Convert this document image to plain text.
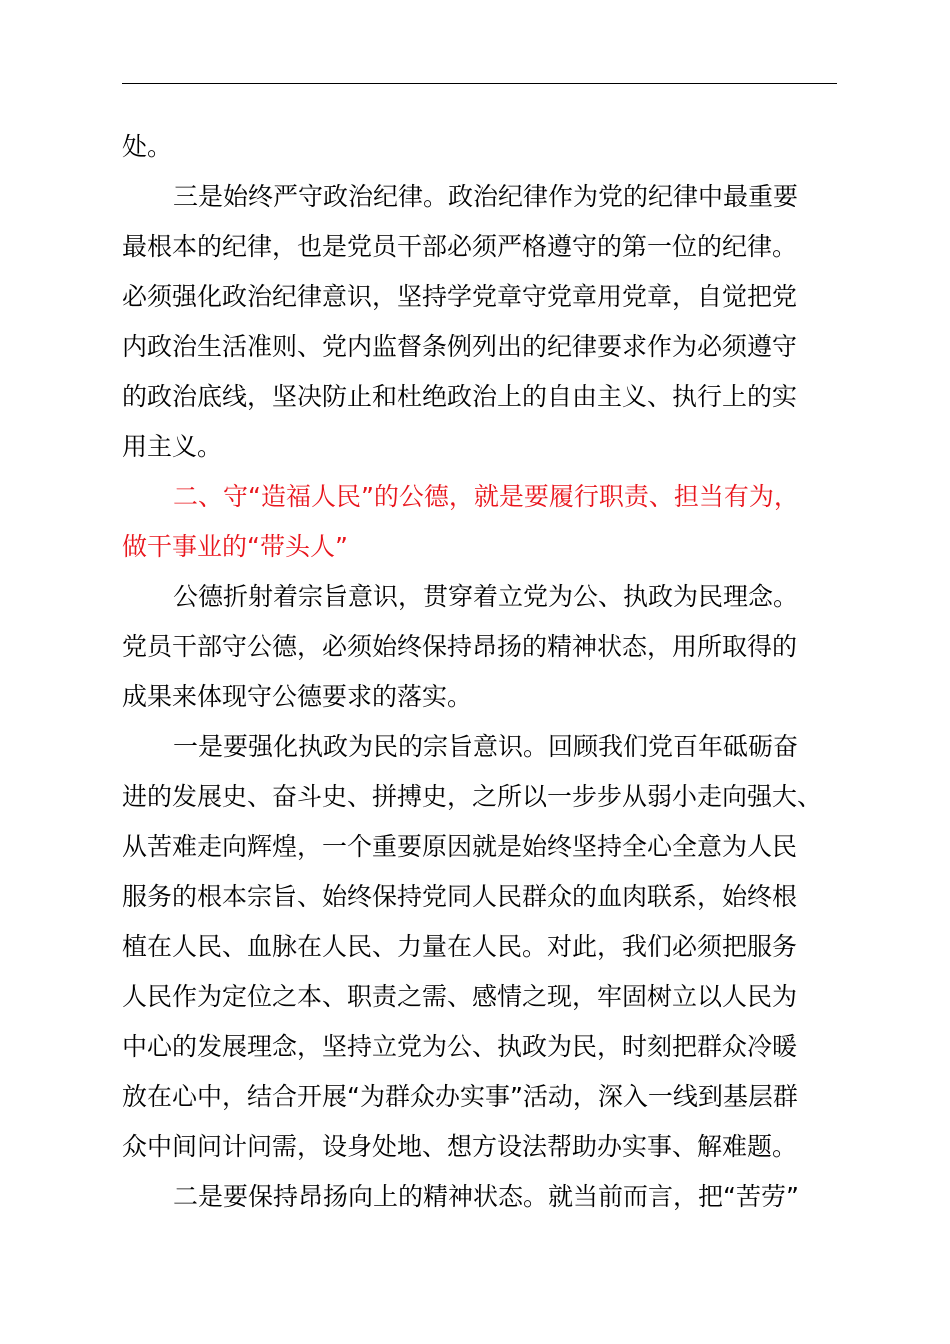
处。
三是始终严守政治纪律。政治纪律作为党的纪律中最重要
最根本的纪律，也是党员干部必须严格遵守的第一位的纪律。
必须强化政治纪律意识，坚持学党章守党章用党章，自觉把党
内政治生活准则、党内监督条例列出的纪律要求作为必须遵守
的政治底线，坚决防止和杜绝政治上的自由主义、执行上的实
用主义。
二、守“造福人民”的公德，就是要履行职责、担当有为，
做干事业的“带头人”
公德折射着宗旨意识，贯穿着立党为公、执政为民理念。
党员干部守公德，必须始终保持昂扬的精神状态，用所取得的
成果来体现守公德要求的落实。
一是要强化执政为民的宗旨意识。回顾我们党百年砥砺奋
进的发展史、奋斗史、拼搏史，之所以一步步从弱小走向强大、
从苦难走向辉煌，一个重要原因就是始终坚持全心全意为人民
服务的根本宗旨、始终保持党同人民群众的血肉联系，始终根
植在人民、血脉在人民、力量在人民。对此，我们必须把服务
人民作为定位之本、职责之需、感情之现，牢固树立以人民为
中心的发展理念，坚持立党为公、执政为民，时刻把群众冷暖
放在心中，结合开展“为群众办实事”活动，深入一线到基层群
众中间问计问需，设身处地、想方设法帮助办实事、解难题。
二是要保持昂扬向上的精神状态。就当前而言，把“苦劳”
